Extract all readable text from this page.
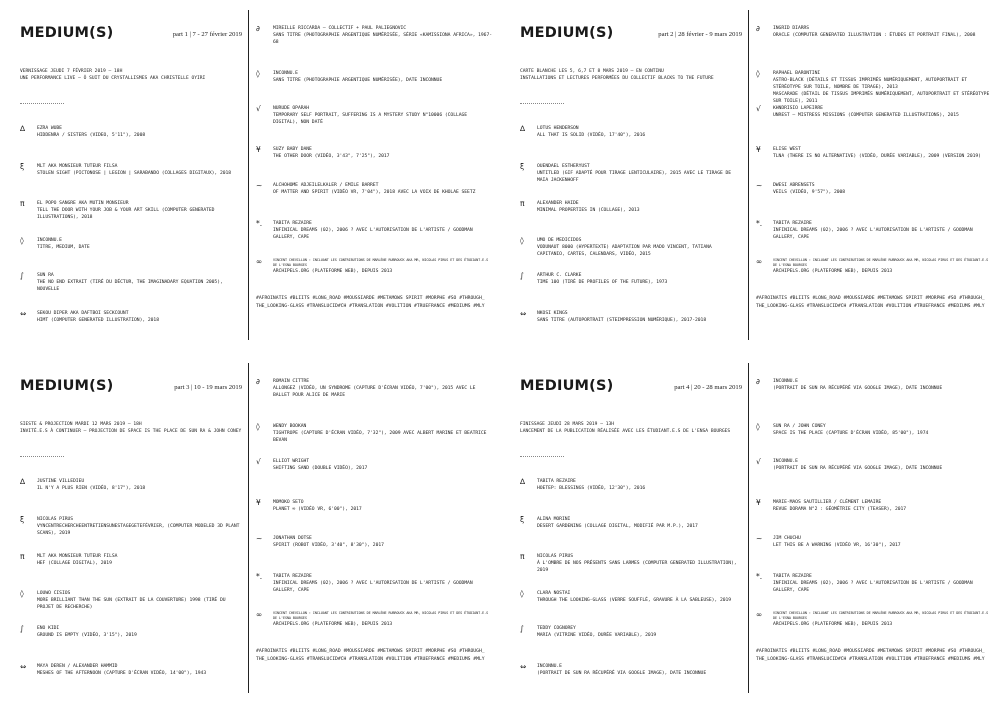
MEDIUM(S)	part 1 | 7 - 27 février 2019
VERNISSAGE JEUDI 7 FÉVRIER 2019 — 18H
UNE PERFORMANCE LIVE – Ô SUIT DU CRYSTALLISMES AKA CHRISTELLE OYIRI
#AFROINATIS #BLIITS #LONG_ROAD #MOUSSIARDE #METAMOWS SPIRIT #MORPHE #SO #THROUGH_ THE_LOOKING-GLASS #TRANSLUCID#CH #TRANSLATION #VOLITION #TRUEFRANCE #MEDIUMS #MLY
∆	EZRA WUBE
HIDDENRA / SISTERS (VIDEO, 5'11"), 2008
ξ	MLT AKA MONSIEUR TUTEUR FILSA
STOLEN SIGHT (PICTONOSE | LEGION | SARABANDO (COLLAGES DIGITAUX), 2018
π	EL POPO SANGRE AKA MUTIN MONSIEUR
TELL THE DOOR WITH YOUR JOB & YOUR ART SKILL (COMPUTER GENERATED ILLUSTRATIONS), 2018
◊	INCONNU.E
TITRE, MEDIUM, DATE
∫	SUN RA
THE NO END EXTRAIT (TIRÉ DU DÉCTUR, THE IMAGINADARY EQUATION 2005), NOUVELLE
⇔	SEKOU DIPER AKA DAFTBOI SECKCOUNT
HIMT (COMPUTER GENERATED ILLUSTRATION), 2018
∂	MIREILLE RICCARDA – COLLECTIF + PAUL PALIEGNOVIC
SANS TITRE (PHOTOGRAPHIE ARGENTIQUE NUMÉRISÉE, SÉRIE «KAMISSIONA AFRICA», 1967-68
◊	INCONNU.E
SANS TITRE (PHOTOGRAPHIE ARGENTIQUE NUMÉRISÉE), DATE INCONNUE
√	NURUDE OPARAH
TEMPORARY SELF PORTRAIT, SUFFERING IS A MYSTERY STUDY N°10006 (COLLAGE DIGITAL), NON DATÉ
¥	SUZY BABY DANE
THE OTHER DOOR (VIDÉO, 3'43", 7'25"), 2017
~	ALCHOHOME ADJEILELKALER / EMILE BARRET
OF MATTER AND SPIRIT (VIDÉO VR, 7'04"), 2018 AVEC LA VOIX DE KHOLAE SEETZ
*.	TABITA REZAIRE
INFINICAL DREAMS (02), 2006 ? AVEC L'AUTORISATION DE L'ARTISTE / GOODMAN GALLERY, CAPE
∞	VINCENT CHEVILLON : INCLUANT LES CONTRIBUTIONS DE MARLÈNE RUBROUCK AKA MR, NICOLAS PIRUS ET DES ÉTUDIANT.E.S DE L'ESNA BOURGES
ARCHIPELS.ORG (PLATEFORME WEB), DEPUIS 2013
MEDIUM(S)	part 2 | 28 février - 9 mars 2019
CARTE BLANCHE LES 5, 6,7 ET 8 MARS 2019 — EN CONTINU
INSTALLATIONS ET LECTURES PERFORMÉES DU COLLECTIF BLACKS TO THE FUTURE
#AFROINATIS #BLIITS #LONG_ROAD #MOUSSIARDE #METAMOWS SPIRIT #MORPHE #SO #THROUGH_ THE_LOOKING-GLASS #TRANSLUCID#CH #TRANSLATION #VOLITION #TRUEFRANCE #MEDIUMS #MLY
∆	LOTUS HENDERSON
ALL THAT IS SOLID (VIDÉO, 17'40"), 2016
ξ	OUENDAEL ESTHERYUST
UNTITLED (GIF ADAPTÉ POUR TIRAGE LENTICULAIRE), 2015 AVEC LE TIRAGE DE MAIA JACKENHOFF
π	ALEXANDER HAIDE
MINIMAL PROPERTIES IN (COLLAGE), 2013
◊	UMO DE MEDICIDOS
VODUNAUT 8000 (HYPERTEXTE) ADAPTATION PAR MADO VINCENT, TATIANA CAPITANIO, CARTES, CALENDARS, VIDÉO, 2015
∫	ARTHUR C. CLARKE
TIME 10O (TIRÉ DE PROFILES OF THE FUTURE), 1973
⇔	NKOSI KINGS
SANS TITRE (AUTOPORTRAIT (STEIMPRESSION NUMÉRIQUE), 2017-2018
∂	INGRID DIARRS
ORACLE (COMPUTER GENERATED ILLUSTRATION : ÉTUDES ET PORTRAIT FINAL), 2008
◊	RAPHAEL BARONTINI
ASTRO-BLACK (DÉTAILS ET TISSUS IMPRIMÉS NUMÉRIQUEMENT, AUTOPORTRAIT ET STÉRÉOTYPE SUR TOILE, NOMBRE DE TIRAGE), 2013
MASCARADE (DÉTAIL DE TISSUS IMPRIMÉS NUMÉRIQUEMENT, AUTOPORTRAIT ET STÉRÉOTYPE SUR TOILE), 2011
√	KHNDRISIO LAPEIRRE
UNREST – MISTRESS MISSIONS (COMPUTER GENERATED ILLUSTRATIONS), 2015
¥	ELISE WEST
TLNA (THERE IS NO ALTERNATIVE) (VIDÉO, DURÉE VARIABLE), 2009 (VERSION 2019)
~	DWESI ABRENSETS
VEILS (VIDÉO, 9'57"), 2008
*.	TABITA REZAIRE
INFINICAL DREAMS (02), 2006 ? AVEC L'AUTORISATION DE L'ARTISTE / GOODMAN GALLERY, CAPE
∞	VINCENT CHEVILLON : INCLUANT LES CONTRIBUTIONS DE MARLÈNE RUBROUCK AKA MR, NICOLAS PIRUS ET DES ÉTUDIANT.E.S DE L'ESNA BOURGES
ARCHIPELS.ORG (PLATEFORME WEB), DEPUIS 2013
MEDIUM(S)	part 3 | 10 - 19 mars 2019
SIESTE & PROJECTION MARDI 12 MARS 2019 — 18H
INVITÉ.E.S À CONTINUER – PROJECTION DE SPACE IS THE PLACE DE SUN RA & JOHN CONEY
#AFROINATIS #BLIITS #LONG_ROAD #MOUSSIARDE #METAMOWS SPIRIT #MORPHE #SO #THROUGH_ THE_LOOKING-GLASS #TRANSLUCID#CH #TRANSLATION #VOLITION #TRUEFRANCE #MEDIUMS #MLY
∆	JUSTINE VILLEDIEU
IL N'Y A PLUS RIEN (VIDÉO, 8'17"), 2018
ξ	NICOLAS PIRUS
VYNCENTRECHERCHEENTRETIENSUNESTAGEGETEFÉVRIER, (COMPUTER MODELED 3D PLANT SCANS), 2019
π	MLT AKA MONSIEUR TUTEUR FILSA
HEF (COLLAGE DIGITAL), 2019
◊	LOUWO CISIOS
MORE BRILLIANT THAN THE SUN (EXTRAIT DE LA COUVERTURE) 1998 (TIRÉ DU PROJET DE RECHERCHE)
∫	ENO KIDI
GROUND IS EMPTY (VIDÉO, 3'15"), 2019
⇔	MAYA DEREN / ALEXANDER HAMMID
MESHES OF THE AFTERNOON (CAPTURE D'ÉCRAN VIDÉO, 14'00"), 1943
∂	ROMAIN CITTRE
ALLONGEZ (VIDÉO, UN SYNDROME (CAPTURE D'ÉCRAN VIDÉO, 7'00"), 2015 AVEC LE BALLET POUR ALICE DE MARIE
◊	WENDY BOOKAN
TIGHTROPE (CAPTURE D'ÉCRAN VIDÉO, 7'32"), 2009 AVEC ALBERT MARINE ET BEATRICE BEVAN
√	ELLIOT WRIGHT
SHIFTING SAND (DOUBLE VIDÉO), 2017
¥	MOMOKO SETO
PLANET ∞ (VIDÉO VR, 6'00"), 2017
~	JONATHAN DOTSE
SPIRIT (ROBOT VIDÉO, 3'40", 8'30"), 2017
*.	TABITA REZAIRE
INFINICAL DREAMS (02), 2006 ? AVEC L'AUTORISATION DE L'ARTISTE / GOODMAN GALLERY, CAPE
∞	VINCENT CHEVILLON : INCLUANT LES CONTRIBUTIONS DE MARLÈNE RUBROUCK AKA MR, NICOLAS PIRUS ET DES ÉTUDIANT.E.S DE L'ESNA BOURGES
ARCHIPELS.ORG (PLATEFORME WEB), DEPUIS 2013
MEDIUM(S)	part 4 | 20 - 28 mars 2019
FINISSAGE JEUDI 28 MARS 2019 — 13H
LANCEMENT DE LA PUBLICATION RÉALISÉE AVEC LES ÉTUDIANT.E.S DE L'ENSA BOURGES
#AFROINATIS #BLIITS #LONG_ROAD #MOUSSIARDE #METAMOWS SPIRIT #MORPHE #SO #THROUGH_ THE_LOOKING-GLASS #TRANSLUCID#CH #TRANSLATION #VOLITION #TRUEFRANCE #MEDIUMS #MLY
∆	TABITA REZAIRE
HOETEP: BLESSINGS (VIDÉO, 12'30"), 2016
ξ	ALINA MORINI
DESERT GARDENING (COLLAGE DIGITAL, MODIFIÉ PAR M.P.), 2017
π	NICOLAS PIRUS
À L'OMBRE DE NOS PRÉSENTS SANS LARMES (COMPUTER GENERATED ILLUSTRATION), 2019
◊	CLARA NOSTAI
THROUGH THE LOOKING-GLASS (VERRE SOUFFLÉ, GRAVURE À LA SABLEUSE), 2019
∫	TEDDY COGNOREY
MARIA (VITRINE VIDÉO, DURÉE VARIABLE), 2019
⇔	INCONNU.E
(PORTRAIT DE SUN RA RÉCUPÉRÉ VIA GOOGLE IMAGE), DATE INCONNUE
∂	INCONNU.E
(PORTRAIT DE SUN RA RÉCUPÉRÉ VIA GOOGLE IMAGE), DATE INCONNUE
◊	SUN RA / JOHN CONEY
SPACE IS THE PLACE (CAPTURE D'ÉCRAN VIDÉO, 85'00"), 1974
√	INCONNU.E
(PORTRAIT DE SUN RA RÉCUPÉRÉ VIA GOOGLE IMAGE), DATE INCONNUE
¥	MARIE-MAOS SAUTILLIER / CLÉMENT LEMAIRE
REVUE DORAMA N°2 : GÉOMÉTRIE CITY (TEASER), 2017
~	JIM CHUCHU
LET THIS BE A WARNING (VIDÉO VR, 16'30"), 2017
*.	TABITA REZAIRE
INFINICAL DREAMS (02), 2006 ? AVEC L'AUTORISATION DE L'ARTISTE / GOODMAN GALLERY, CAPE
∞	VINCENT CHEVILLON : INCLUANT LES CONTRIBUTIONS DE MARLÈNE RUBROUCK AKA MR, NICOLAS PIRUS ET DES ÉTUDIANT.E.S DE L'ESNA BOURGES
ARCHIPELS.ORG (PLATEFORME WEB), DEPUIS 2013
